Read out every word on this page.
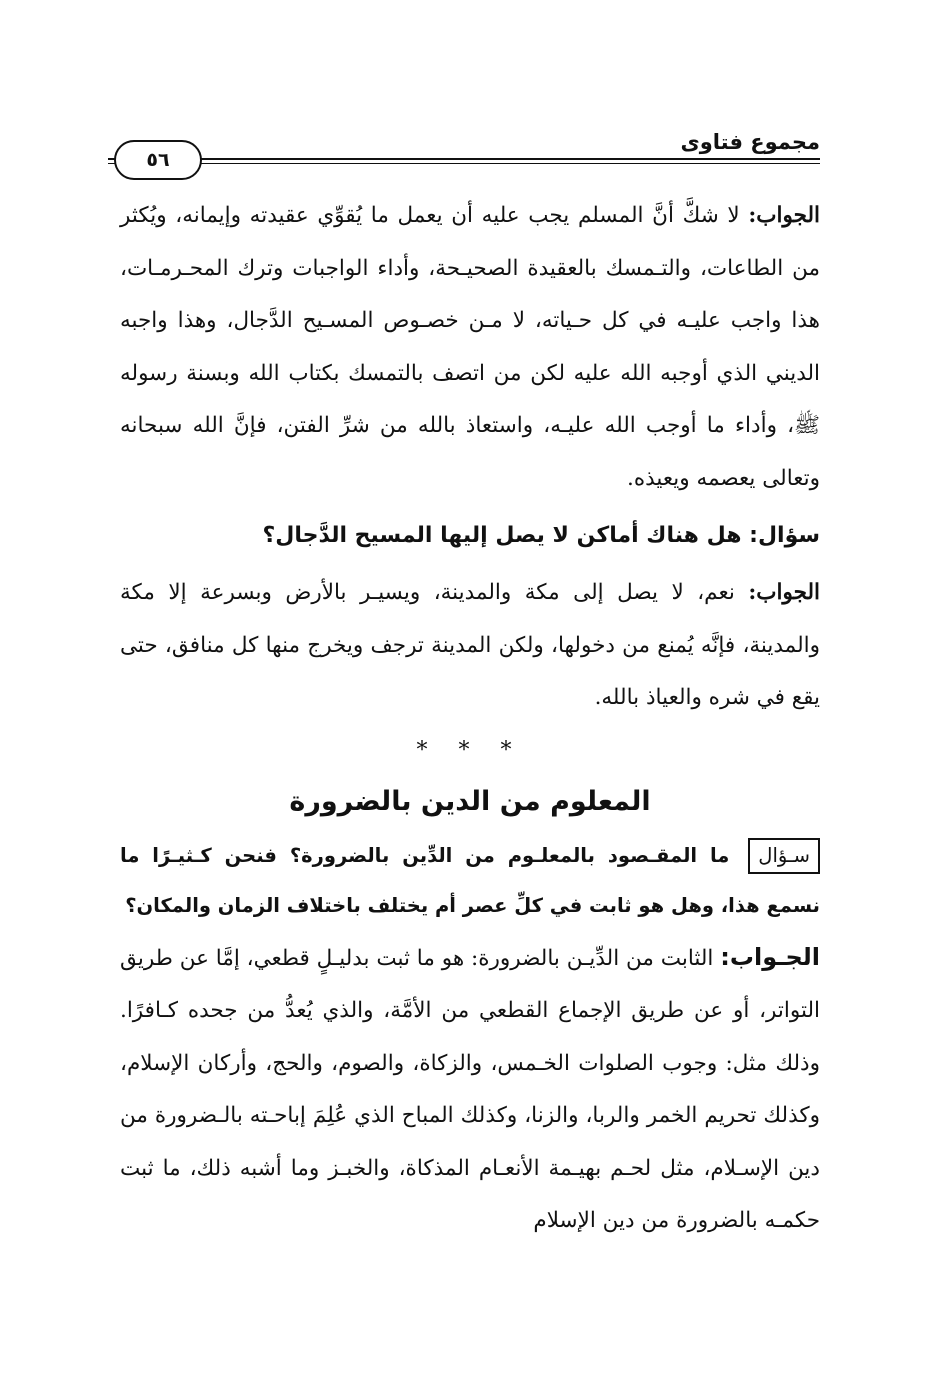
مجموع فتاوى
٥٦

الجواب: لا شكَّ أنَّ المسلم يجب عليه أن يعمل ما يُقوِّي عقيدته وإيمانه، ويُكثر من الطاعات، والتـمسك بالعقيدة الصحيـحة، وأداء الواجبات وترك المحـرمـات، هذا واجب عليـه في كل حـياته، لا مـن خصـوص المسـيح الدَّجال، وهذا واجبه الديني الذي أوجبه الله عليه لكن من اتصف بالتمسك بكتاب الله وبسنة رسوله ﷺ، وأداء ما أوجب الله عليـه، واستعاذ بالله من شرِّ الفتن، فإنَّ الله سبحانه وتعالى يعصمه ويعيذه.

سؤال: هل هناك أماكن لا يصل إليها المسيح الدَّجال؟

الجواب: نعم، لا يصل إلى مكة والمدينة، ويسيـر بالأرض وبسرعة إلا مكة والمدينة، فإنَّه يُمنع من دخولها، ولكن المدينة ترجف ويخرج منها كل منافق، حتى يقع في شره والعياذ بالله.

* * *
المعلوم من الدين بالضرورة

سـؤال ما المقـصود بالمعلـوم من الدِّين بالضرورة؟ فنحن كـثيـرًا ما نسمع هذا، وهل هو ثابت في كلِّ عصر أم يختلف باختلاف الزمان والمكان؟

الجـواب: الثابت من الدِّيـن بالضرورة: هو ما ثبت بدليـلٍ قطعي، إمَّا عن طريق التواتر، أو عن طريق الإجماع القطعي من الأمَّة، والذي يُعدُّ من جحده كـافرًا. وذلك مثل: وجوب الصلوات الخـمس، والزكاة، والصوم، والحج، وأركان الإسلام، وكذلك تحريم الخمر والربا، والزنا، وكذلك المباح الذي عُلِمَ إباحـته بالـضرورة من دين الإسـلام، مثل لحـم بهيـمة الأنعـام المذكاة، والخبـز وما أشبه ذلك، ما ثبت حكمـه بالضرورة من دين الإسلام
